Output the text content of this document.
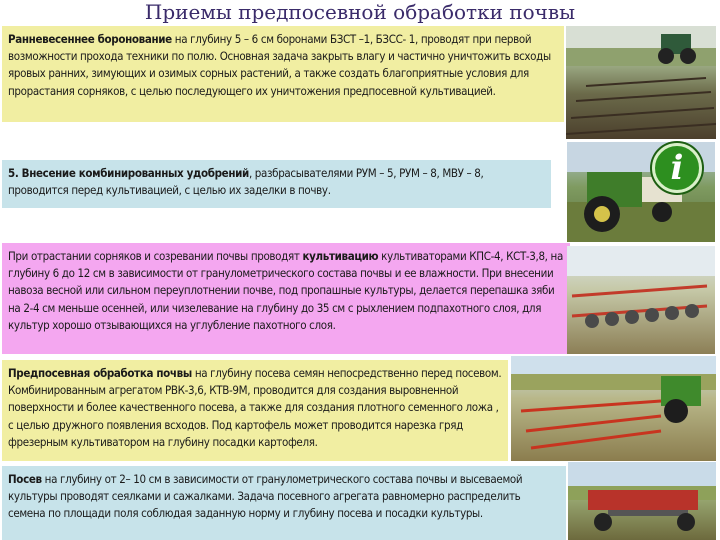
Приемы предпосевной обработки почвы
Ранневесеннее боронование на глубину 5 – 6 см боронами БЗСТ –1, БЗСС- 1, проводят при первой возможности прохода техники по полю. Основная задача закрыть влагу и частично уничтожить всходы яровых ранних, зимующих и озимых сорных растений, а также создать благоприятные условия для прорастания сорняков, с целью последующего их уничтожения предпосевной культивацией.
5. Внесение комбинированных удобрений, разбрасывателями РУМ – 5, РУМ – 8, МВУ – 8, проводится перед культивацией, с целью их заделки в почву.
При отрастании сорняков и созревании почвы проводят культивацию культиваторами КПС-4, КСТ-3,8, на глубину 6 до 12 см в зависимости от гранулометрического состава почвы и ее влажности. При внесении навоза весной или сильном переуплотнении почве, под пропашные культуры, делается перепашка зяби на 2-4 см меньше осенней, или чизелевание на глубину до 35 см с рыхлением подпахотного слоя, для культур хорошо отзывающихся на углубление пахотного слоя.
Предпосевная обработка почвы на глубину посева семян непосредственно перед посевом. Комбинированным агрегатом РВК-3,6, КТВ-9М, проводится для создания выровненной поверхности и более качественного посева, а также для создания плотного семенного ложа , с целью дружного появления всходов. Под картофель может проводится нарезка гряд фрезерным культиватором на глубину посадки картофеля.
Посев на глубину от 2– 10 см в зависимости от гранулометрического состава почвы и высеваемой культуры проводят сеялками и сажалками. Задача посевного агрегата равномерно распределить семена по площади поля соблюдая заданную норму и глубину посева и посадки культуры.
i
